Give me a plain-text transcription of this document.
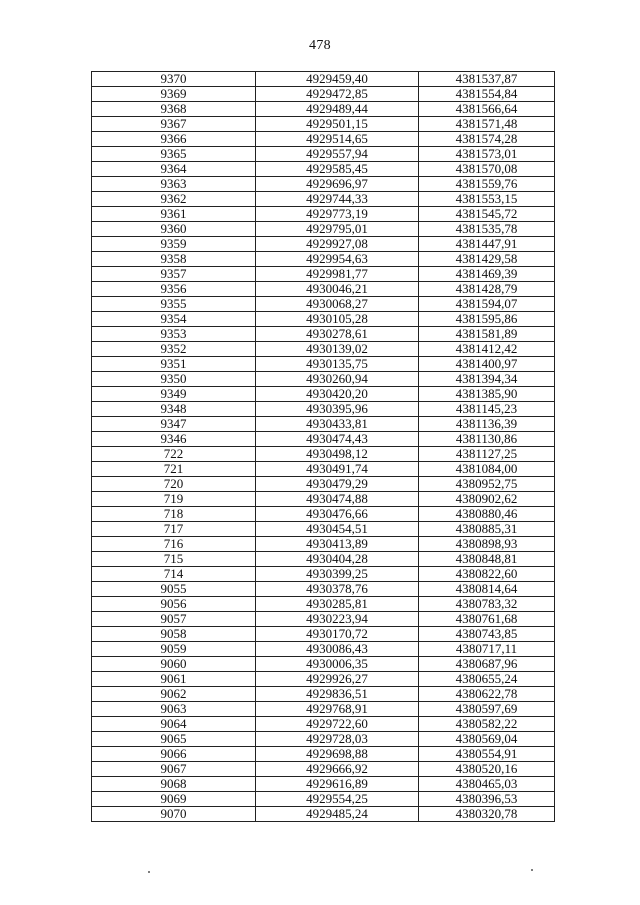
478
9370	4929459,40	4381537,87
9369	4929472,85	4381554,84
9368	4929489,44	4381566,64
9367	4929501,15	4381571,48
9366	4929514,65	4381574,28
9365	4929557,94	4381573,01
9364	4929585,45	4381570,08
9363	4929696,97	4381559,76
9362	4929744,33	4381553,15
9361	4929773,19	4381545,72
9360	4929795,01	4381535,78
9359	4929927,08	4381447,91
9358	4929954,63	4381429,58
9357	4929981,77	4381469,39
9356	4930046,21	4381428,79
9355	4930068,27	4381594,07
9354	4930105,28	4381595,86
9353	4930278,61	4381581,89
9352	4930139,02	4381412,42
9351	4930135,75	4381400,97
9350	4930260,94	4381394,34
9349	4930420,20	4381385,90
9348	4930395,96	4381145,23
9347	4930433,81	4381136,39
9346	4930474,43	4381130,86
722	4930498,12	4381127,25
721	4930491,74	4381084,00
720	4930479,29	4380952,75
719	4930474,88	4380902,62
718	4930476,66	4380880,46
717	4930454,51	4380885,31
716	4930413,89	4380898,93
715	4930404,28	4380848,81
714	4930399,25	4380822,60
9055	4930378,76	4380814,64
9056	4930285,81	4380783,32
9057	4930223,94	4380761,68
9058	4930170,72	4380743,85
9059	4930086,43	4380717,11
9060	4930006,35	4380687,96
9061	4929926,27	4380655,24
9062	4929836,51	4380622,78
9063	4929768,91	4380597,69
9064	4929722,60	4380582,22
9065	4929728,03	4380569,04
9066	4929698,88	4380554,91
9067	4929666,92	4380520,16
9068	4929616,89	4380465,03
9069	4929554,25	4380396,53
9070	4929485,24	4380320,78
